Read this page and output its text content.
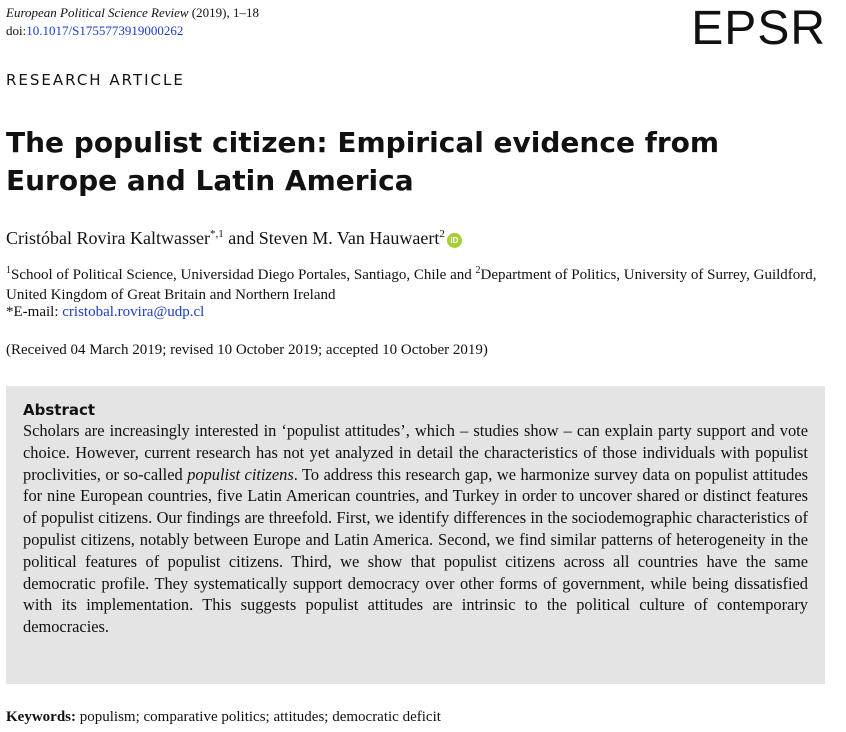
European Political Science Review (2019), 1–18
doi:10.1017/S1755773919000262	EPSR
RESEARCH ARTICLE
The populist citizen: Empirical evidence from Europe and Latin America
Cristóbal Rovira Kaltwasser$^{*,1}$ and Steven M. Van Hauwaert$^2$iD
$^1$School of Political Science, Universidad Diego Portales, Santiago, Chile and $^2$Department of Politics, University of Surrey, Guildford, United Kingdom of Great Britain and Northern Ireland
*E-mail: cristobal.rovira@udp.cl
(Received 04 March 2019; revised 10 October 2019; accepted 10 October 2019)
Abstract

Scholars are increasingly interested in ‘populist attitudes’, which – studies show – can explain party support and vote choice. However, current research has not yet analyzed in detail the characteristics of those individuals with populist proclivities, or so-called populist citizens. To address this research gap, we harmonize survey data on populist attitudes for nine European countries, five Latin American countries, and Turkey in order to uncover shared or distinct features of populist citizens. Our findings are threefold. First, we identify differences in the sociodemographic characteristics of populist citizens, notably between Europe and Latin America. Second, we find similar patterns of heterogeneity in the political features of populist citizens. Third, we show that populist citizens across all countries have the same democratic profile. They systematically support democracy over other forms of government, while being dissatisfied with its implementation. This suggests populist attitudes are intrinsic to the political culture of contemporary democracies.

Keywords: populism; comparative politics; attitudes; democratic deficit
